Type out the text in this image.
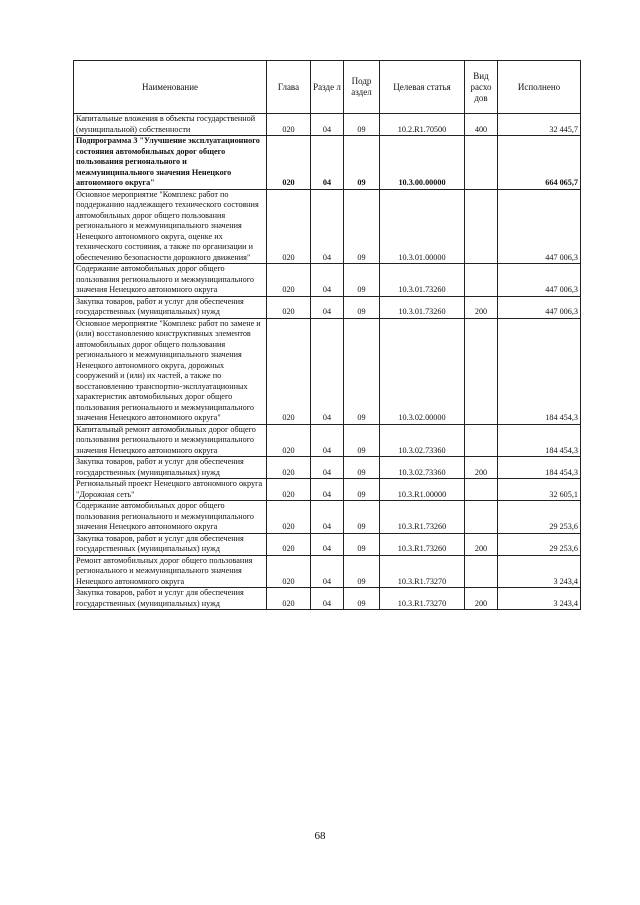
Наименование	Глава	Разде л	Подр аздел	Целевая статья	Вид расхо дов	Исполнено
Капитальные вложения в объекты государственной (муниципальной) собственности	020	04	09	10.2.R1.70500	400	32 445,7
Подпрограмма 3 "Улучшение эксплуатационного состояния автомобильных дорог общего пользования регионального и межмуниципального значения Ненецкого автономного округа"	020	04	09	10.3.00.00000		664 065,7
Основное мероприятие "Комплекс работ по поддержанию надлежащего технического состояния автомобильных дорог общего пользования регионального и межмуниципального значения Ненецкого автономного округа, оценке их технического состояния, а также по организации и обеспечению безопасности дорожного движения"	020	04	09	10.3.01.00000		447 006,3
Содержание автомобильных дорог общего пользования регионального и межмуниципального значения Ненецкого автономного округа	020	04	09	10.3.01.73260		447 006,3
Закупка товаров, работ и услуг для обеспечения государственных (муниципальных) нужд	020	04	09	10.3.01.73260	200	447 006,3
Основное мероприятие "Комплекс работ по замене и (или) восстановлению конструктивных элементов автомобильных дорог общего пользования регионального и межмуниципального значения Ненецкого автономного округа, дорожных сооружений и (или) их частей, а также по восстановлению транспортно-эксплуатационных характеристик автомобильных дорог общего пользования регионального и межмуниципального значения Ненецкого автономного округа"	020	04	09	10.3.02.00000		184 454,3
Капитальный ремонт автомобильных дорог общего пользования регионального и межмуниципального значения Ненецкого автономного округа	020	04	09	10.3.02.73360		184 454,3
Закупка товаров, работ и услуг для обеспечения государственных (муниципальных) нужд	020	04	09	10.3.02.73360	200	184 454,3
Региональный проект Ненецкого автономного округа "Дорожная сеть"	020	04	09	10.3.R1.00000		32 605,1
Содержание автомобильных дорог общего пользования регионального и межмуниципального значения Ненецкого автономного округа	020	04	09	10.3.R1.73260		29 253,6
Закупка товаров, работ и услуг для обеспечения государственных (муниципальных) нужд	020	04	09	10.3.R1.73260	200	29 253,6
Ремонт автомобильных дорог общего пользования регионального и межмуниципального значения Ненецкого автономного округа	020	04	09	10.3.R1.73270		3 243,4
Закупка товаров, работ и услуг для обеспечения государственных (муниципальных) нужд	020	04	09	10.3.R1.73270	200	3 243,4
68
